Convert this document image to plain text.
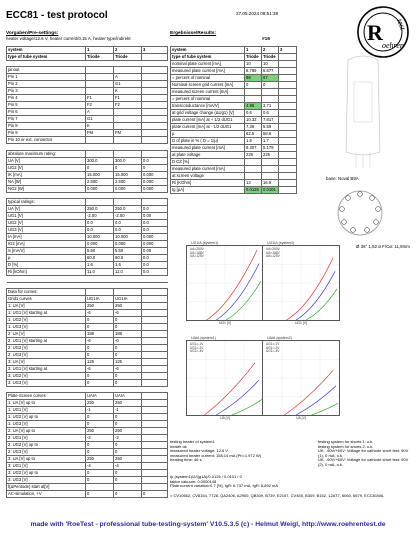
ECC81 - test protocol	27.05.2024 08:51:39
Vorgaben/Pre-settings:
heater voltage/12.6 V, heater current/0.15 A, heater type/indirekt
Ergebnisse/Results:
#16
system	1	2	3
type of tube system	Triode	Triode	

pinout			
Pin 1		A	
Pin 2		G1	
Pin 3		K	
Pin 4	F1	F1	
Pin 5	F2	F2	
Pin 6	A		
Pin 7	G1		
Pin 8	K		
Pin 9	FM	FM	
Pin 10 or ext. connector			

absolute maximum rating:			
UA [V]	300.0	300.0	0.0
UG2 [V]	0	0	0
IK [mA]	15.000	15.000	0.000
NA [W]	2.500	2.500	0.000
NG2 [W]	0.000	0.000	0.000

typical ratings:			
UA [V]	250.0	250.0	0.0
UG1 [V]	-2.00	-2.00	0.00
UG2 [V]	0.0	0.0	0.0
UG3 [V]	0.0	0.0	0.0
IA [mA]	10.000	10.000	0.000
IG2 [mA]	0.000	0.000	0.000
S [mA/V]	5.50	5.50	0.00
µ	60.0	60.0	0.0
D [%]	1.6	1.6	0.0
Ri [kOhm]	11.0	11.0	0.0

Data for curves:			
Grid1 curves	UG1IA	UG1IA	
1: UA [V]	250	250	
1: UG1 [V] starting at	-6	-6	
1: UG2 [V]	0	0	
1: UG3 [V]	0	0	
2: UA [V]	188	188	
2: UG1 [V] starting at	-6	-6	
2: UG2 [V]	0	0	
2: UG3 [V]	0	0	
3: UA [V]	125	125	
3: UG1 [V] starting at	-6	-6	
3: UG2 [V]	0	0	
3: UG3 [V]	0	0	

Plate-Screen curves	UAIA	UAIA	
1: UA [V] up to	250	250	
1: UG1 [V]	-1	-1	
1: UG2 [V] up to	0	0	
1: UG3 [V]	0	0	
2: UA [V] up to	250	250	
2: UG1 [V]	-2	-2	
2: UG2 [V] up to	0	0	
2: UG3 [V]	0	0	
3: UA [V] up to	250	250	
3: UG1 [V]	-4	-4	
3: UG2 [V] up to	0	0	
3: UG3 [V]	0	0	
f(ΔPentode) start at[V]			
AC-simulation, +V	0	0	0
system	1	2	3
type of tube system	Triode	Triode	
nominal plate current [mA]	10	10	
measured plate current [mA]	8.785	6.677	
= percent of nominal	88	67	
Nominal screen grid current [mA]	0	0	
measured screen current [mA]			
= percent of nominal			
transconductance [mA/V]	4.95	3.71	
at grid voltage change (ΔUg1) [V]	0.6	0.6	
plate current [mA] at + 1/2 dUG1	10.33	7.817	
plate current [mA] at - 1/2 dUG1	7.36	5.59	
µ	62.5	58.6	
D of plate in % ( D = 1/µ)	1.6	1.7	
measured plate current [mA]	9.307	5.179	
at plate voltage	225	225	
D CZ [%]			
measured plate current [mA]			
at screen voltage			
Ri [KOhm]	13	16.9	
tg [µA]	0.0126	0.0101	
R
oehren
test
base: Noval B9A
Ø 36° 1,82 ø F/Cø: 11,9mm
UG1IA (system1)
UA=250V
UA=188V
UA=125V
UG1 [V]
UG1IA (system2)
UA=250V
UA=188V
UA=125V
UG1 [V]
UAIA (system1)
UG1=-1V
UG1=-2V
UG1=-4V
UA [V]
UAIA (system2)
UG1=-1V
UG1=-2V
UG1=-4V
UA [V]
testing heater of system1
heater ok
measured heater voltage: 12.6 V
measured heater current: 158.14 mA (Ph=1.972 W)
heating time: 46 s
testing system for shorts 1: o.k.
testing system for shorts 2: o.k.
UK: -90V/+60V: Voltage for cathode short test: 90V (1), 0 mA, o.k.
UK: -90V/+60V: Voltage for cathode short test: 90V (2), 0 mA, o.k.
Ip (system1)/2/I(g1A)/0.0126 / 0.0101 / 0
faktor vakuum: 0.0000148
Plate current variation:0.7 [%], IgR: 6.737 mA, IgR: 6.692 mA
= CV10662, CV8154, 7728, QA2406, A2900, QB309, B739, E2157, CV455, B309, B152, 12AT7, 6060, 6679, ECC81WA
made with 'RoeTest - professional tube-testing-system' V10.5.3.5 (c) - Helmut Weigl, http://www.roehrentest.de
